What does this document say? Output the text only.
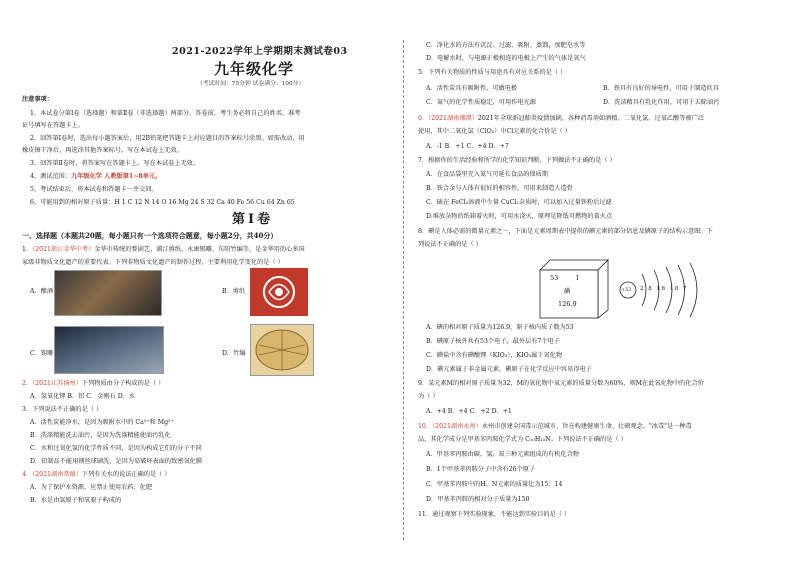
2021-2022学年上学期期末测试卷03
九年级化学
（考试时间：75分钟 试卷满分：100分）
注意事项：
1、本试卷分第Ⅰ卷（选择题）和第Ⅱ卷（非选择题）两部分。答卷前，考生务必将自己的姓名、准考
证号填写在答题卡上。
2、回答第Ⅰ卷时，选出每小题答案后，用2B铅笔把答题卡上对应题目的答案标号涂黑。如需改动，用
橡皮擦干净后，再选涂其他答案标号。写在本试卷上无效。
3、回答第Ⅱ卷时，将答案写在答题卡上。写在本试卷上无效。
4、测试范围：九年级化学 人教版第1~8单元。
5、考试结束后，将本试卷和答题卡一并交回。
6、可能用到的相对原子质量：H 1 C 12 N 14 O 16 Mg 24 S 32 Ca 40 Fe 56 Cu 64 Zn 65
第Ⅰ卷
一、选择题（本题共20题，每小题只有一个选项符合题意，每小题2分，共40分）
1．（2021浙江金华中考）金华市传统的婺剧艺、浦江剪纸、永康锡雕、东阳竹编等，是金华用的心多国
家级非物质文化遗产的重要代表。下列非物质文化遗产的制作过程，主要利用化学变化的是（ ）
A．酿酒	B．剪纸
C．锡雕	D．竹编
2．（2021江苏扬州）下列物质由分子构成的是（ ）
A．氢氧化钾 B．铝 C．金刚石 D．水
3．下列说法不正确的是（ ）
A．活性炭能净水，是因为吸附水中的 Ca²⁺和 Mg²⁺
B．洗涤精能洗去油污，是因为洗涤精能使油污乳化
C．水和过氧化氢的化学性质不同，是因为构成它们的分子不同
D．铝制品不能用钢丝球刷洗，是因为易破坏表面的致密氧化膜
4．（2021湖南常德）下列有关水的说法正确的是（ ）
A．为了保护水资源，应禁止使用农药、化肥
B．水是由氢原子和氧原子构成的
C．净化水的方法有沉淀、过滤、吸附、蒸馏、加肥皂水等
D．电解水时，与电源正极相连的电极上产生的气体是氧气
5．下列有关物质的性质与用途具有对应关系的是（ ）
A．活性炭具有吸附性，可做电极	B．铁具有良好的导电性，可用于制造炊具
C．氮气的化学性质稳定，可用作电光源	D．洗洁精具有乳化作用，可用于去除油污
6．（2021湖南湘潭）2021年全球新冠肺炎疫情加剧，各种消毒剂如酒精、二氧化氯、过氧乙酸等被广泛
使用，其中二氧化氯（ClO₂）中Cl元素的化合价是（ ）
A．-1 B．+1 C．+4 D．+7
7．根据你的生活经验和所学的化学知识判断，下列做法不正确的是（ ）
A．在食品袋里充入氮气可延长食品的保质期
B．铁合金与人体有很好的相容性，可用来制造人造骨
C．硫在 FeCl₃溶液中少量 CuCl₂杂质时，可以加入过量铁粉后过滤
D.堆放杂物的纸箱着火时，可用水浇灭，原理是降低可燃物的着火点
8．碘是人体必需的微量元素之一，下面是元素周期表中提供的碘元素的部分信息及碘原子的结构示意图。下
列说法不正确的是（ ）
53	I
碘
126.9
+53 2 8 18 18 7
A．碘的相对原子质量为126.9，原子核内质子数为53
B．碘原子核外共有53个电子，最外层有7个电子
C．碘盐中含有碘酸钾（KIO₃），KIO₃属于氧化物
D．碘元素属于非金属元素，碘原子在化学反应中容易得电子
9．某元素M的相对原子质量为32，M的氧化物中氧元素的质量分数为60%，则M在此氧化物中的化合价
为（ ）
A．+4 B．+4 C．+2 D．+1
10．（2021湖南永州）永州市创建全国毒示范城市，旨在构建健康生命、壮硕观念。"冰毒"是一种毒
品，其化学成分是甲基苯丙胺化学式为 C₁₀H₁₅N。下列说法不正确的是（ ）
A．甲基苯丙胺由碳、氢、氮三种元素组成的有机化合物
B．1个甲基苯丙胺分子中含有26个原子
C．甲基苯丙胺中的H、N元素的质量比为15：14
D．甲基苯丙胺的相对分子质量为150
11．通过观察下列实验现象，不能达到实验目的是（ ）
